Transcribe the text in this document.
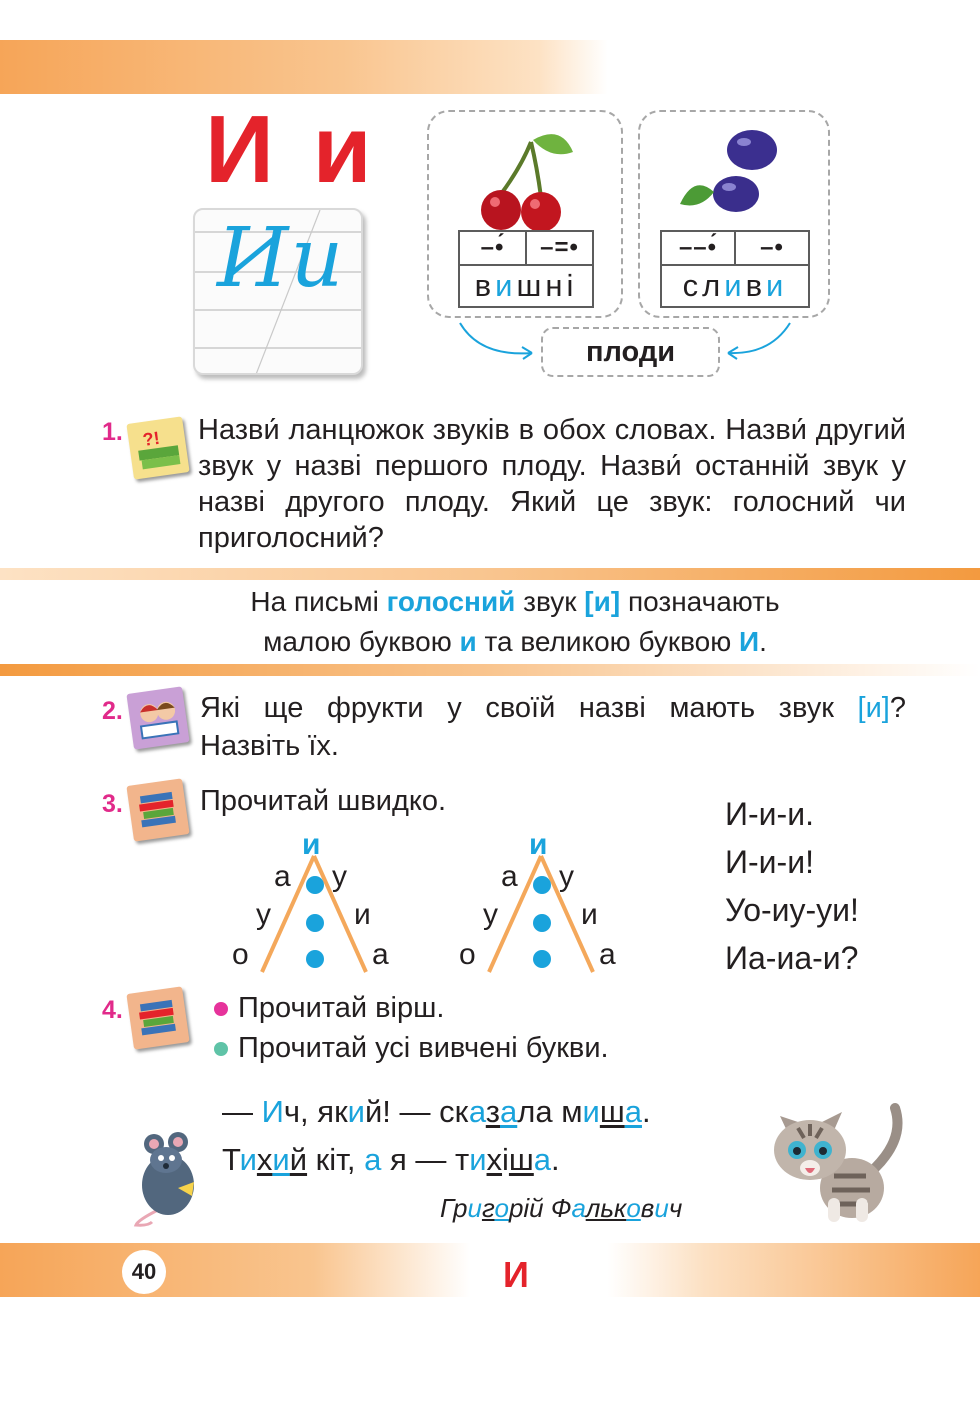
И и
Ии	–•́	–=•
в и шні
––•́	–•
сл и в и
плоди
1. ?! Назви́ ланцюжок звуків в обох словах. Назви́ другий звук у назві першого плоду. Назви́ останній звук у назві другого плоду. Який це звук: голосний чи приголосний?
На письмі голосний звук [и] позначають
малою буквою и та великою буквою И.
2.	Які ще фрукти у своїй назві мають звук [и]?
Назвіть їх.
3.	Прочитай швидко.
и
а у
у	и
о	а
и
а у
у	и
о	а
И-и-и.
И-и-и!
Уо-иу-уи!
Иа-иа-и?
4.	Прочитай вірш.
Прочитай усі вивчені букви.
— Ич, який! — сказала миша.
Тихий кіт, а я — тихіша.
Григорій Фалькович
40	И
